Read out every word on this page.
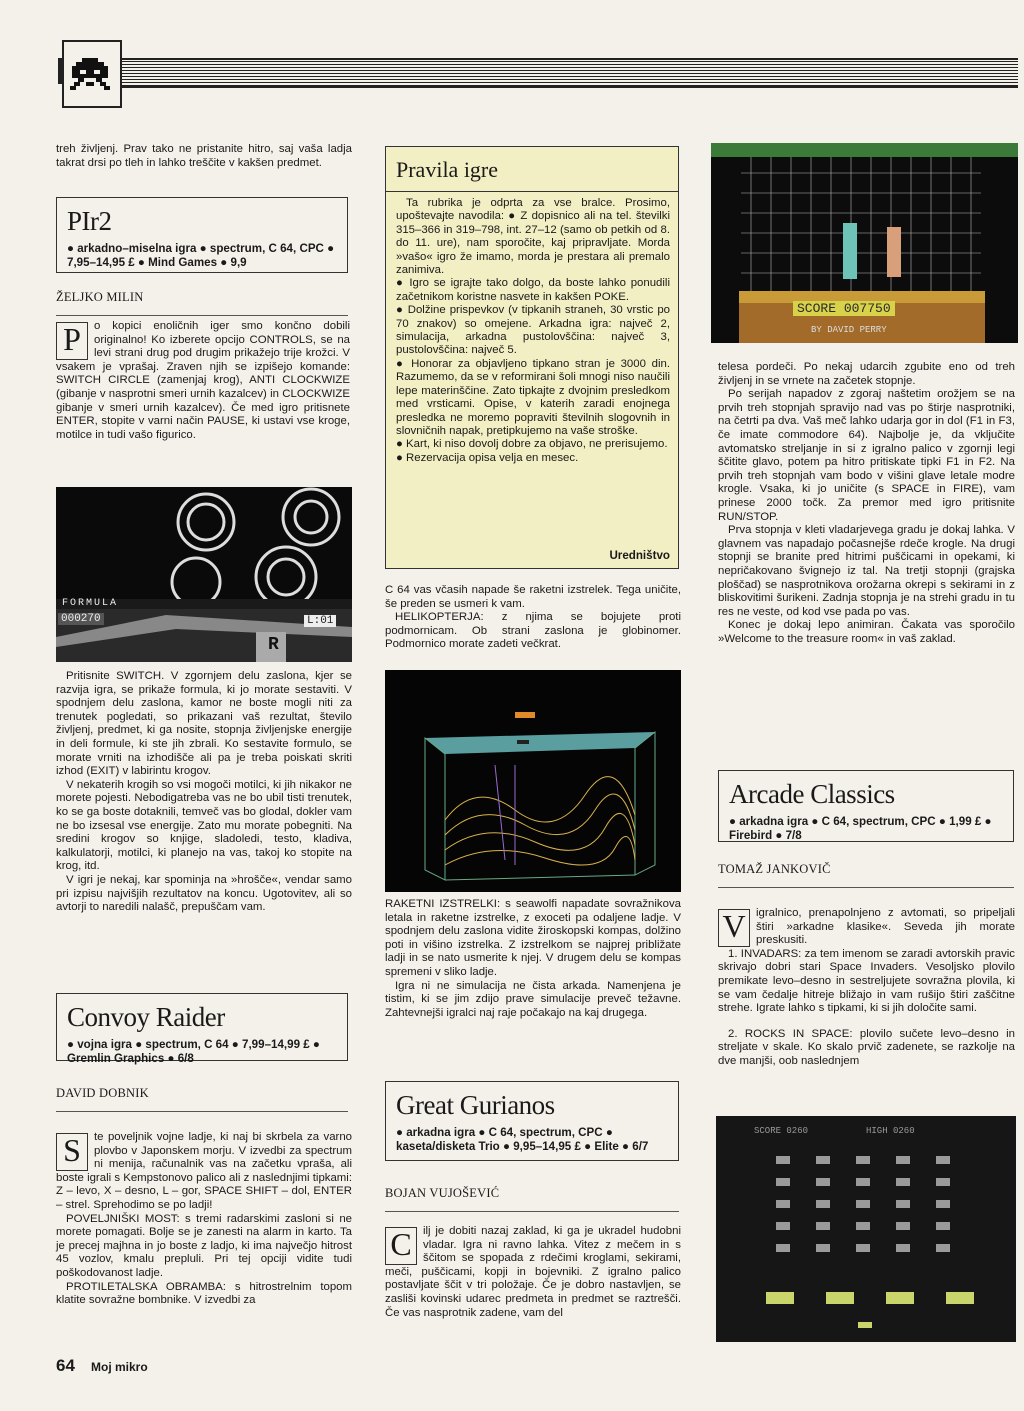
treh življenj. Prav tako ne pristanite hitro, saj vaša ladja takrat drsi po tleh in lahko treščite v kakšen predmet.

PIr2
● arkadno–miselna igra ● spectrum, C 64, CPC ● 7,95–14,95 £ ● Mind Games ● 9,9
ŽELJKO MILIN
P	o kopici enoličnih iger smo končno dobili originalno! Ko izberete opcijo CONTROLS, se na levi strani drug pod drugim prikažejo trije krožci. V vsakem je vprašaj. Zraven njih se izpišejo komande: SWITCH CIRCLE (zamenjaj krog), ANTI CLOCKWIZE (gibanje v nasprotni smeri urnih kazalcev) in CLOCKWIZE gibanje v smeri urnih kazalcev). Če med igro pritisnete ENTER, stopite v varni način PAUSE, ki ustavi vse kroge, motilce in tudi vašo figurico.

FORMULA
000270	L:01
R

Pritisnite SWITCH. V zgornjem delu zaslona, kjer se razvija igra, se prikaže formula, ki jo morate sestaviti. V spodnjem delu zaslona, kamor ne boste mogli niti za trenutek pogledati, so prikazani vaš rezultat, število življenj, predmet, ki ga nosite, stopnja življenjske energije in deli formule, ki ste jih zbrali. Ko sestavite formulo, se morate vrniti na izhodišče ali pa je treba poiskati skriti izhod (EXIT) v labirintu krogov.

V nekaterih krogih so vsi mogoči motilci, ki jih nikakor ne morete pojesti. Nebodigatreba vas ne bo ubil tisti trenutek, ko se ga boste dotaknili, temveč vas bo glodal, dokler vam ne bo izsesal vse energije. Zato mu morate pobegniti. Na sredini krogov so knjige, sladoledi, testo, kladiva, kalkulatorji, motilci, ki planejo na vas, takoj ko stopite na krog, itd.

V igri je nekaj, kar spominja na »hrošče«, vendar samo pri izpisu najvišjih rezultatov na koncu. Ugotovitev, ali so avtorji to naredili nalašč, prepuščam vam.

Convoy Raider
● vojna igra ● spectrum, C 64 ● 7,99–14,99 £ ● Gremlin Graphics ● 6/8
DAVID DOBNIK
S	te poveljnik vojne ladje, ki naj bi skrbela za varno plovbo v Japonskem morju. V izvedbi za spectrum ni menija, računalnik vas na začetku vpraša, ali boste igrali s Kempstonovo palico ali z naslednjimi tipkami: Z – levo, X – desno, L – gor, SPACE SHIFT – dol, ENTER – strel. Sprehodimo se po ladji!

POVELJNIŠKI MOST: s tremi radarskimi zasloni si ne morete pomagati. Bolje se je zanesti na alarm in karto. Ta je precej majhna in jo boste z ladjo, ki ima največjo hitrost 45 vozlov, kmalu prepluli. Pri tej opciji vidite tudi poškodovanost ladje.

PROTILETALSKA OBRAMBA: s hitrostrelnim topom klatite sovražne bombnike. V izvedbi za

Pravila igre

Ta rubrika je odprta za vse bralce. Prosimo, upoštevajte navodila: ● Z dopisnico ali na tel. številki 315–366 in 319–798, int. 27–12 (samo ob petkih od 8. do 11. ure), nam sporočite, kaj pripravljate. Morda »vašo« igro že imamo, morda je prestara ali premalo zanimiva.

● Igro se igrajte tako dolgo, da boste lahko ponudili začetnikom koristne nasvete in kakšen POKE.

● Dolžine prispevkov (v tipkanih straneh, 30 vrstic po 70 znakov) so omejene. Arkadna igra: največ 2, simulacija, arkadna pustolovščina: največ 3, pustolovščina: največ 5.

● Honorar za objavljeno tipkano stran je 3000 din. Razumemo, da se v reformirani šoli mnogi niso naučili lepe materinščine. Zato tipkajte z dvojnim presledkom med vrsticami. Opise, v katerih zaradi enojnega presledka ne moremo popraviti številnih slogovnih in slovničnih napak, pretipkujemo na vaše stroške.

● Kart, ki niso dovolj dobre za objavo, ne prerisujemo.

● Rezervacija opisa velja en mesec.

Uredništvo

C 64 vas včasih napade še raketni izstrelek. Tega uničite, še preden se usmeri k vam.

HELIKOPTERJA: z njima se bojujete proti podmornicam. Ob strani zaslona je globinomer. Podmornico morate zadeti večkrat.

RAKETNI IZSTRELKI: s seawolfi napadate sovražnikova letala in raketne izstrelke, z exoceti pa odaljene ladje. V spodnjem delu zaslona vidite žiroskopski kompas, dolžino poti in višino izstrelka. Z izstrelkom se najprej približate ladji in se nato usmerite k njej. V drugem delu se kompas spremeni v sliko ladje.

Igra ni ne simulacija ne čista arkada. Namenjena je tistim, ki se jim zdijo prave simulacije preveč težavne. Zahtevnejši igralci naj raje počakajo na kaj drugega.

Great Gurianos
● arkadna igra ● C 64, spectrum, CPC ● kaseta/disketa Trio ● 9,95–14,95 £ ● Elite ● 6/7
BOJAN VUJOŠEVIĆ
C ilj je dobiti nazaj zaklad, ki ga je ukradel hudobni vladar. Igra ni ravno lahka. Vitez z mečem in s ščitom se spopada z rdečimi kroglami, sekirami, meči, puščicami, kopji in bojevniki. Z igralno palico postavljate ščit v tri položaje. Če je dobro nastavljen, se zasliši kovinski udarec predmeta in predmet se raztrešči. Če vas nasprotnik zadene, vam del

SCORE 007750
BY DAVID PERRY

telesa pordeči. Po nekaj udarcih zgubite eno od treh življenj in se vrnete na začetek stopnje.

Po serijah napadov z zgoraj naštetim orožjem se na prvih treh stopnjah spravijo nad vas po štirje nasprotniki, na četrti pa dva. Vaš meč lahko udarja gor in dol (F1 in F3, če imate commodore 64). Najbolje je, da vključite avtomatsko streljanje in si z igralno palico v zgornji legi ščitite glavo, potem pa hitro pritiskate tipki F1 in F2. Na prvih treh stopnjah vam bodo v višini glave letale modre krogle. Vsaka, ki jo uničite (s SPACE in FIRE), vam prinese 2000 točk. Za premor med igro pritisnite RUN/STOP.

Prva stopnja v kleti vladarjevega gradu je dokaj lahka. V glavnem vas napadajo počasnejše rdeče krogle. Na drugi stopnji se branite pred hitrimi puščicami in opekami, ki nepričakovano švignejo iz tal. Na tretji stopnji (grajska ploščad) se nasprotnikova orožarna okrepi s sekirami in z bliskovitimi šurikeni. Zadnja stopnja je na strehi gradu in tu res ne veste, od kod vse pada po vas.

Konec je dokaj lepo animiran. Čakata vas sporočilo »Welcome to the treasure room« in vaš zaklad.

Arcade Classics
● arkadna igra ● C 64, spectrum, CPC ● 1,99 £ ● Firebird ● 7/8
TOMAŽ JANKOVIČ
V igralnico, prenapolnjeno z avtomati, so pripeljali štiri »arkadne klasike«. Seveda jih morate preskusiti.

1. INVADARS: za tem imenom se zaradi avtorskih pravic skrivajo dobri stari Space Invaders. Vesoljsko plovilo premikate levo–desno in sestreljujete sovražna plovila, ki se vam čedalje hitreje bližajo in vam rušijo štiri zaščitne strehe. Igrate lahko s tipkami, ki si jih določite sami.

2. ROCKS IN SPACE: plovilo sučete levo–desno in streljate v skale. Ko skalo prvič zadenete, se razkolje na dve manjši, oob naslednjem

SCORE 0260	HIGH 0260
64 Moj mikro
